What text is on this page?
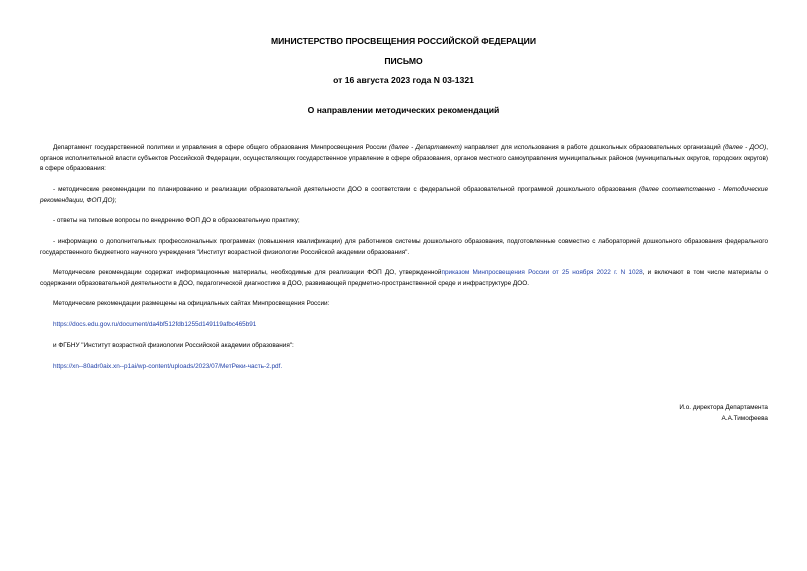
МИНИСТЕРСТВО ПРОСВЕЩЕНИЯ РОССИЙСКОЙ ФЕДЕРАЦИИ
ПИСЬМО
от 16 августа 2023 года N 03-1321
О направлении методических рекомендаций
Департамент государственной политики и управления в сфере общего образования Минпросвещения России (далее - Департамент) направляет для использования в работе дошкольных образовательных организаций (далее - ДОО), органов исполнительной власти субъектов Российской Федерации, осуществляющих государственное управление в сфере образования, органов местного самоуправления муниципальных районов (муниципальных округов, городских округов) в сфере образования:
- методические рекомендации по планированию и реализации образовательной деятельности ДОО в соответствии с федеральной образовательной программой дошкольного образования (далее соответственно - Методические рекомендации, ФОП ДО);
- ответы на типовые вопросы по внедрению ФОП ДО в образовательную практику;
- информацию о дополнительных профессиональных программах (повышения квалификации) для работников системы дошкольного образования, подготовленные совместно с лабораторией дошкольного образования федерального государственного бюджетного научного учреждения "Институт возрастной физиологии Российской академии образования".
Методические рекомендации содержат информационные материалы, необходимые для реализации ФОП ДО, утвержденнойприказом Минпросвещения России от 25 ноября 2022 г. N 1028, и включают в том числе материалы о содержании образовательной деятельности в ДОО, педагогической диагностике в ДОО, развивающей предметно-пространственной среде и инфраструктуре ДОО.
Методические рекомендации размещены на официальных сайтах Минпросвещения России:
https://docs.edu.gov.ru/document/da4bf512fdb1255d149119afbc465b91
и ФГБНУ "Институт возрастной физиологии Российской академии образования":
https://xn--80adr0aix.xn--p1ai/wp-content/uploads/2023/07/МетРеки-часть-2.pdf.
И.о. директора Департамента
А.А.Тимофеева
